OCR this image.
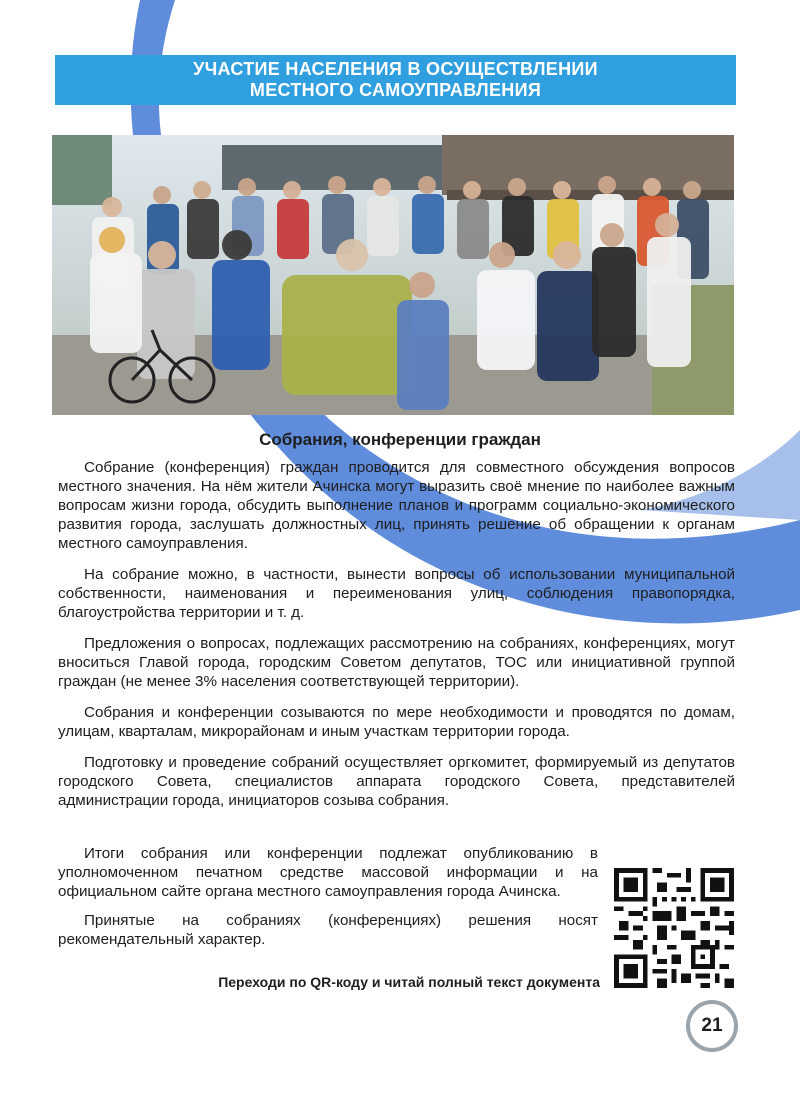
УЧАСТИЕ НАСЕЛЕНИЯ В ОСУЩЕСТВЛЕНИИ
МЕСТНОГО САМОУПРАВЛЕНИЯ
Собрания, конференции граждан

Собрание (конференция) граждан проводится для совместного обсуждения вопросов местного значения. На нём жители Ачинска могут выразить своё мнение по наиболее важным вопросам жизни города, обсудить выполнение планов и программ социально-экономического развития города, заслушать должностных лиц, принять решение об обращении к органам местного самоуправления.

На собрание можно, в частности, вынести вопросы об использовании муниципальной собственности, наименования и переименования улиц, соблюдения правопорядка, благоустройства территории и т. д.

Предложения о вопросах, подлежащих рассмотрению на собраниях, конференциях, могут вноситься Главой города, городским Советом депутатов, ТОС или инициативной группой граждан (не менее 3% населения соответствующей территории).

Собрания и конференции созываются по мере необходимости и проводятся по домам, улицам, кварталам, микрорайонам и иным участкам территории города.

Подготовку и проведение собраний осуществляет оргкомитет, формируемый из депутатов городского Совета, специалистов аппарата городского Совета, представителей администрации города, инициаторов созыва собрания.

Итоги собрания или конференции подлежат опубликованию в уполномоченном печатном средстве массовой информации и на официальном сайте органа местного самоуправления города Ачинска.

Принятые на собраниях (конференциях) решения носят рекомендательный характер.

Переходи по QR-коду и читай полный текст документа
21
